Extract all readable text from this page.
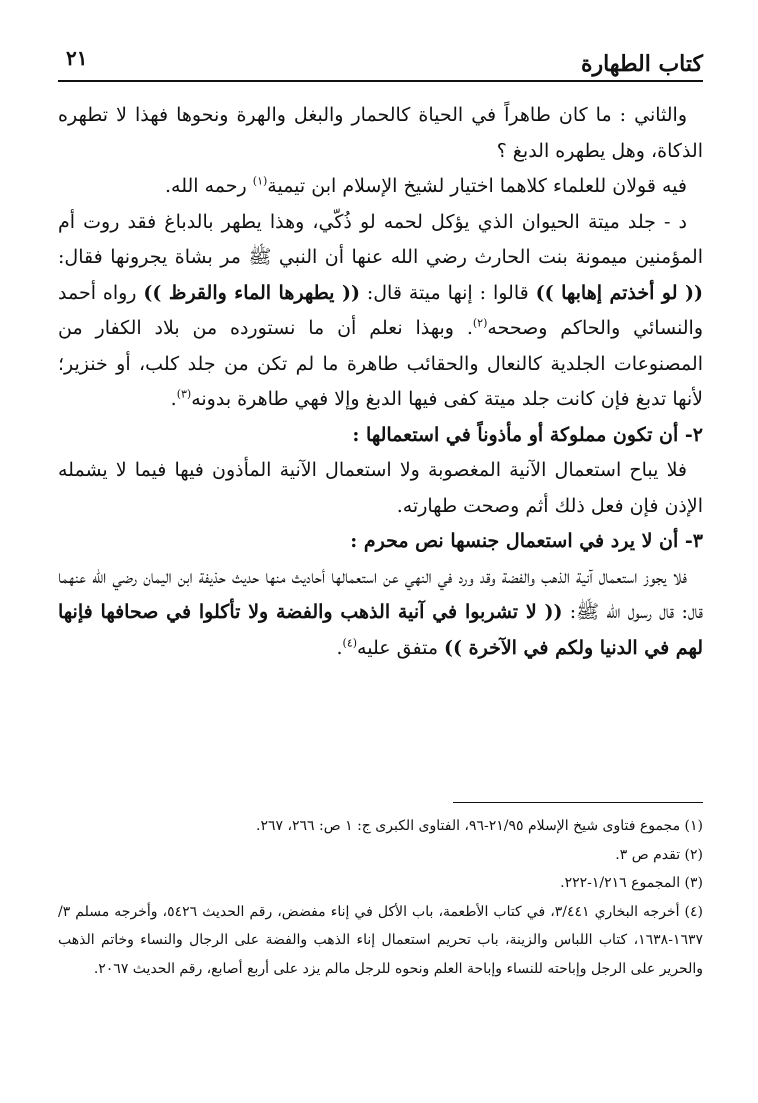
كتاب الطهارة
٢١

والثاني : ما كان طاهراً في الحياة كالحمار والبغل والهرة ونحوها فهذا لا تطهره الذكاة، وهل يطهره الدبغ ؟

فيه قولان للعلماء كلاهما اختيار لشيخ الإسلام ابن تيمية$^{(١)}$ رحمه الله.

د - جلد ميتة الحيوان الذي يؤكل لحمه لو ذُكّي، وهذا يطهر بالدباغ فقد روت أم المؤمنين ميمونة بنت الحارث رضي الله عنها أن النبي ﷺ مر بشاة يجرونها فقال: (( لو أخذتم إهابها )) قالوا : إنها ميتة قال: (( يطهرها الماء والقرظ )) رواه أحمد والنسائي والحاكم وصححه$^{(٢)}$. وبهذا نعلم أن ما نستورده من بلاد الكفار من المصنوعات الجلدية كالنعال والحقائب طاهرة ما لم تكن من جلد كلب، أو خنزير؛ لأنها تدبغ فإن كانت جلد ميتة كفى فيها الدبغ وإلا فهي طاهرة بدونه$^{(٣)}$.

٢- أن تكون مملوكة أو مأذوناً في استعمالها :

فلا يباح استعمال الآنية المغصوبة ولا استعمال الآنية المأذون فيها فيما لا يشمله الإذن فإن فعل ذلك أثم وصحت طهارته.

٣- أن لا يرد في استعمال جنسها نص محرم :

فلا يجوز استعمال آنية الذهب والفضة وقد ورد في النهي عن استعمالها أحاديث منها حديث حذيفة ابن اليمان رضي الله عنهما قال: قال رسول الله ﷺ: (( لا تشربوا في آنية الذهب والفضة ولا تأكلوا في صحافها فإنها لهم في الدنيا ولكم في الآخرة )) متفق عليه$^{(٤)}$.

(١) مجموع فتاوى شيخ الإسلام ٢١/٩٥-٩٦، الفتاوى الكبرى ج: ١ ص: ٢٦٦، ٢٦٧.

(٢) تقدم ص ٣.

(٣) المجموع ١/٢١٦-٢٢٢.

(٤) أخرجه البخاري ٣/٤٤١، في كتاب الأطعمة، باب الأكل في إناء مفضض، رقم الحديث ٥٤٢٦، وأخرجه مسلم ٣/ ١٦٣٧-١٦٣٨، كتاب اللباس والزينة، باب تحريم استعمال إناء الذهب والفضة على الرجال والنساء وخاتم الذهب والحرير على الرجل وإباحته للنساء وإباحة العلم ونحوه للرجل مالم يزد على أربع أصابع، رقم الحديث ٢٠٦٧.
